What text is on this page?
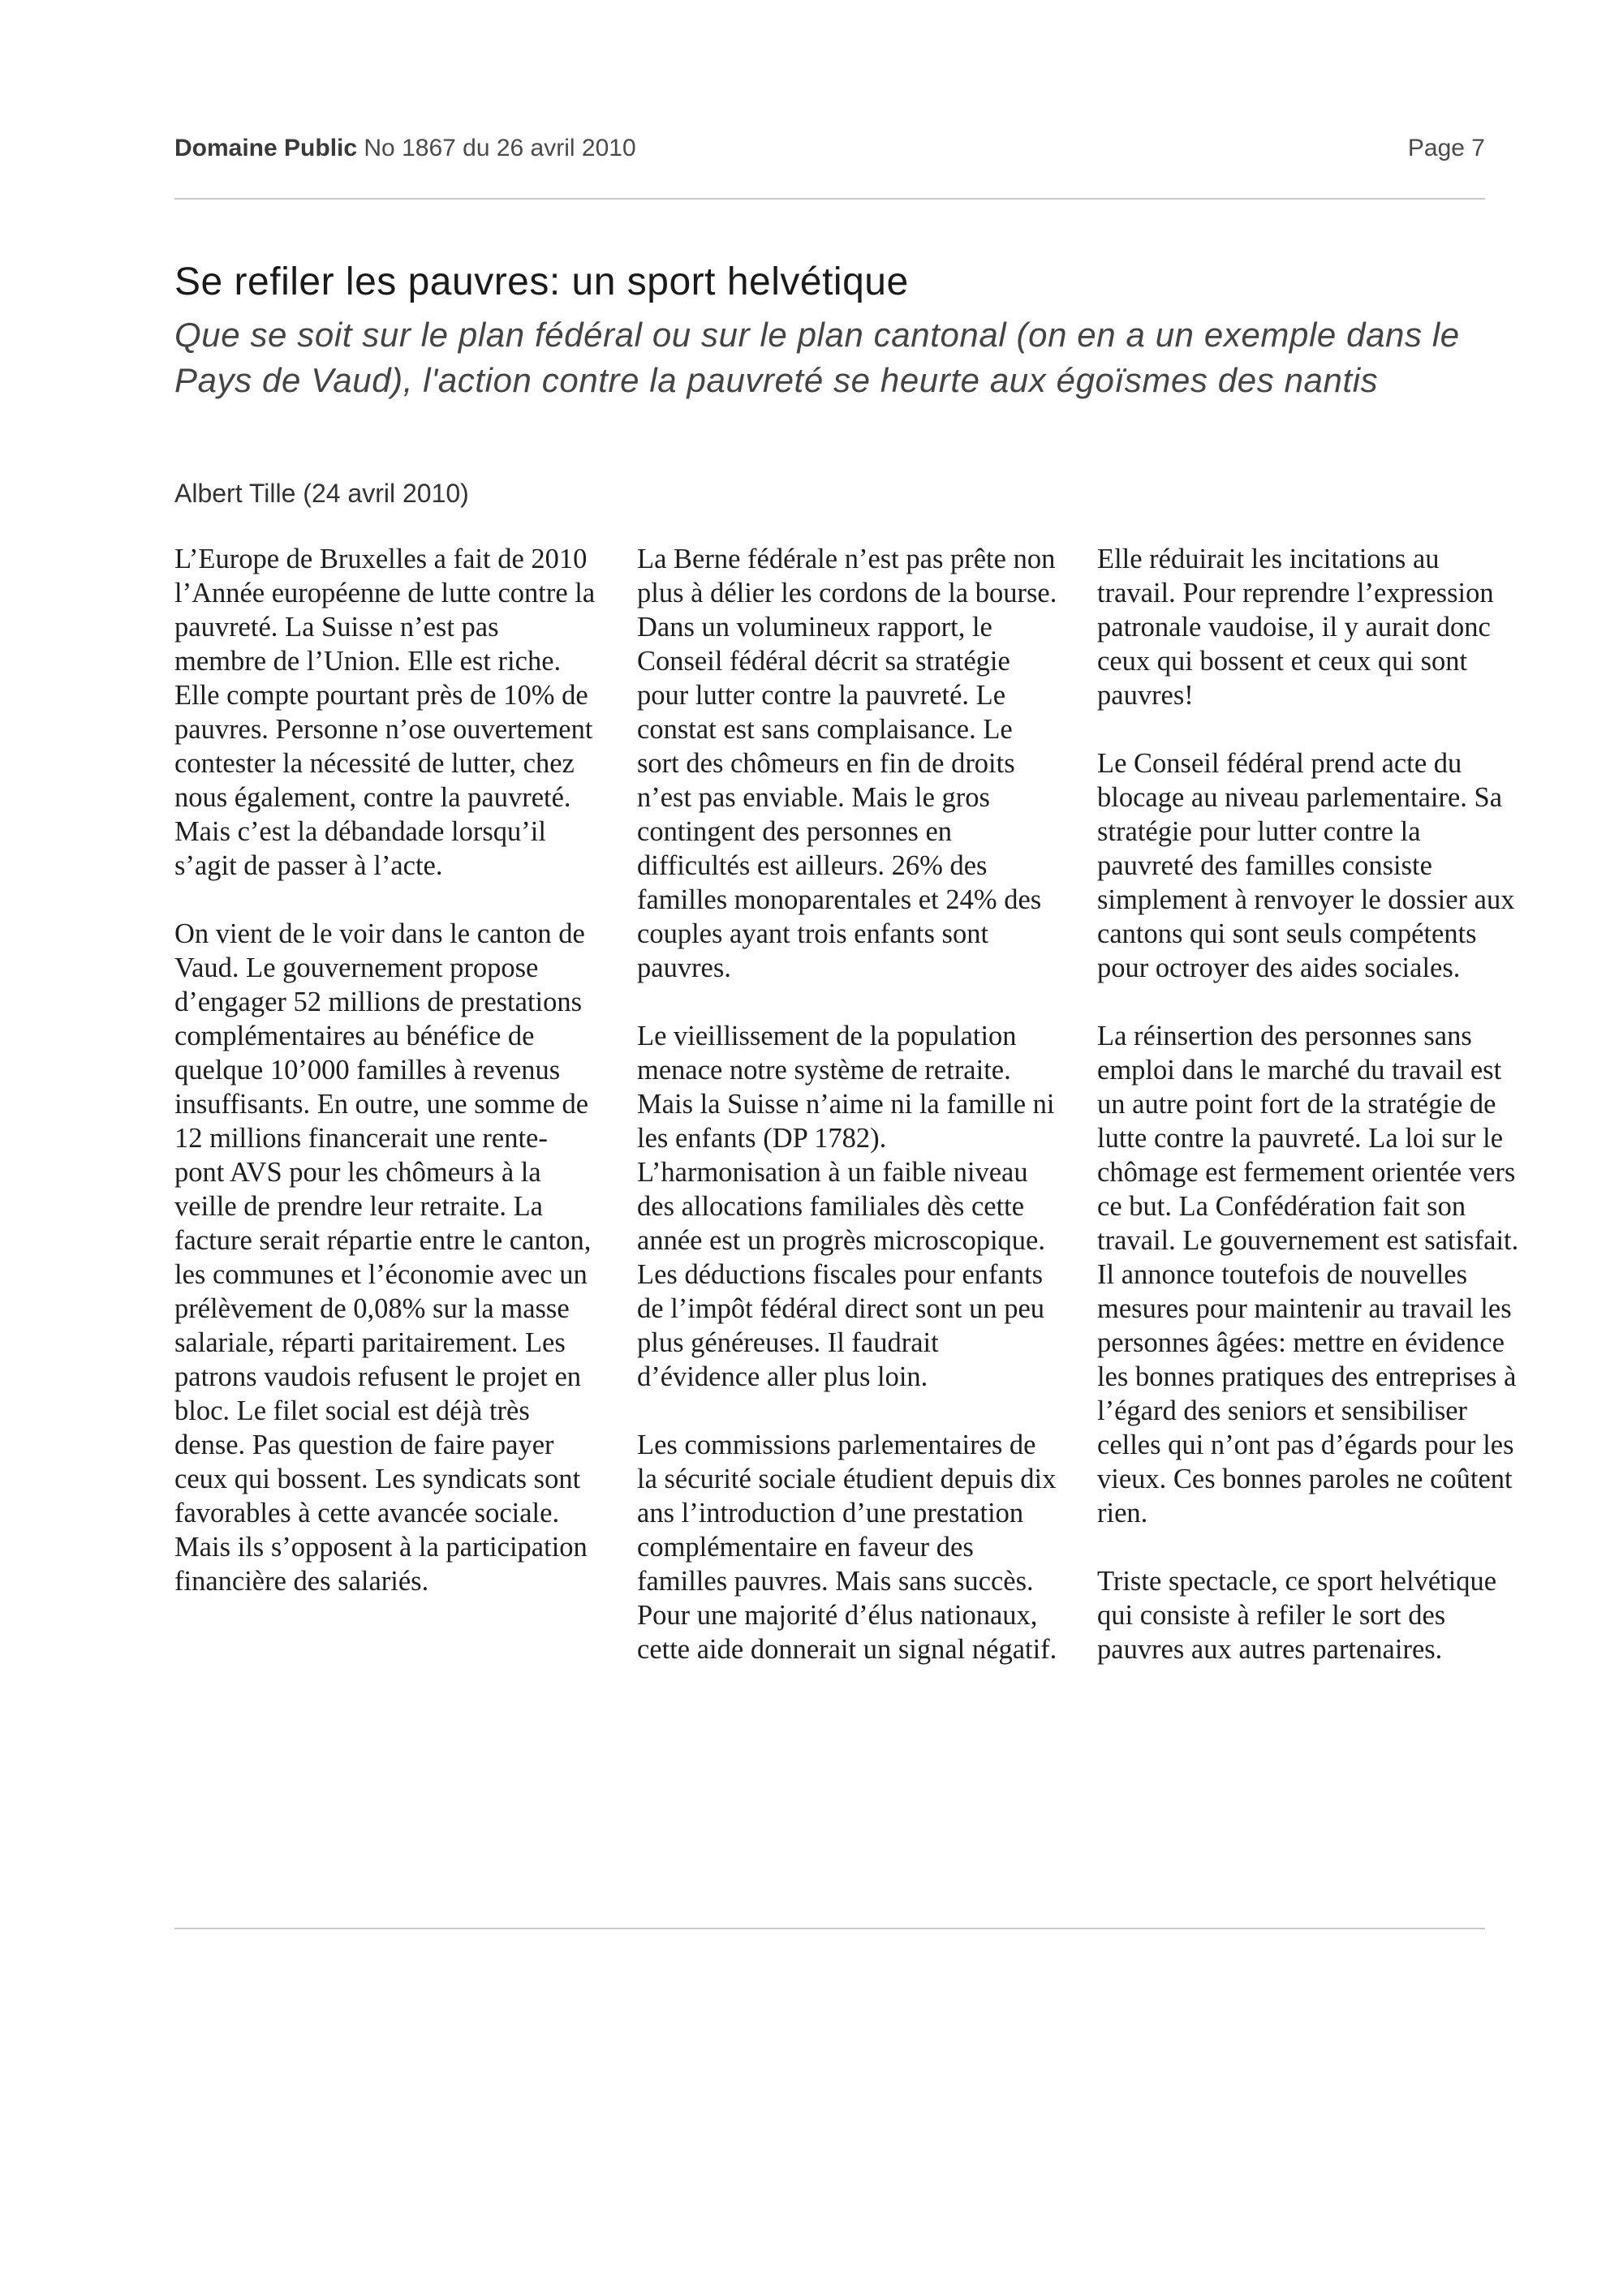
Domaine Public No 1867 du 26 avril 2010	Page 7
Se refiler les pauvres: un sport helvétique
Que se soit sur le plan fédéral ou sur le plan cantonal (on en a un exemple dans le Pays de Vaud), l'action contre la pauvreté se heurte aux égoïsmes des nantis
Albert Tille (24 avril 2010)

L’Europe de Bruxelles a fait de 2010 l’Année européenne de lutte contre la pauvreté. La Suisse n’est pas membre de l’Union. Elle est riche. Elle compte pourtant près de 10% de pauvres. Personne n’ose ouvertement contester la nécessité de lutter, chez nous également, contre la pauvreté. Mais c’est la débandade lorsqu’il s’agit de passer à l’acte.

On vient de le voir dans le canton de Vaud. Le gouvernement propose d’engager 52 millions de prestations complémentaires au bénéfice de quelque 10’000 familles à revenus insuffisants. En outre, une somme de 12 millions financerait une rente-pont AVS pour les chômeurs à la veille de prendre leur retraite. La facture serait répartie entre le canton, les communes et l’économie avec un prélèvement de 0,08% sur la masse salariale, réparti paritairement. Les patrons vaudois refusent le projet en bloc. Le filet social est déjà très dense. Pas question de faire payer ceux qui bossent. Les syndicats sont favorables à cette avancée sociale. Mais ils s’opposent à la participation financière des salariés.

La Berne fédérale n’est pas prête non plus à délier les cordons de la bourse. Dans un volumineux rapport, le Conseil fédéral décrit sa stratégie pour lutter contre la pauvreté. Le constat est sans complaisance. Le sort des chômeurs en fin de droits n’est pas enviable. Mais le gros contingent des personnes en difficultés est ailleurs. 26% des familles monoparentales et 24% des couples ayant trois enfants sont pauvres.

Le vieillissement de la population menace notre système de retraite. Mais la Suisse n’aime ni la famille ni les enfants (DP 1782). L’harmonisation à un faible niveau des allocations familiales dès cette année est un progrès microscopique. Les déductions fiscales pour enfants de l’impôt fédéral direct sont un peu plus généreuses. Il faudrait d’évidence aller plus loin.

Les commissions parlementaires de la sécurité sociale étudient depuis dix ans l’introduction d’une prestation complémentaire en faveur des familles pauvres. Mais sans succès. Pour une majorité d’élus nationaux, cette aide donnerait un signal négatif.

Elle réduirait les incitations au travail. Pour reprendre l’expression patronale vaudoise, il y aurait donc ceux qui bossent et ceux qui sont pauvres!

Le Conseil fédéral prend acte du blocage au niveau parlementaire. Sa stratégie pour lutter contre la pauvreté des familles consiste simplement à renvoyer le dossier aux cantons qui sont seuls compétents pour octroyer des aides sociales.

La réinsertion des personnes sans emploi dans le marché du travail est un autre point fort de la stratégie de lutte contre la pauvreté. La loi sur le chômage est fermement orientée vers ce but. La Confédération fait son travail. Le gouvernement est satisfait. Il annonce toutefois de nouvelles mesures pour maintenir au travail les personnes âgées: mettre en évidence les bonnes pratiques des entreprises à l’égard des seniors et sensibiliser celles qui n’ont pas d’égards pour les vieux. Ces bonnes paroles ne coûtent rien.

Triste spectacle, ce sport helvétique qui consiste à refiler le sort des pauvres aux autres partenaires.
